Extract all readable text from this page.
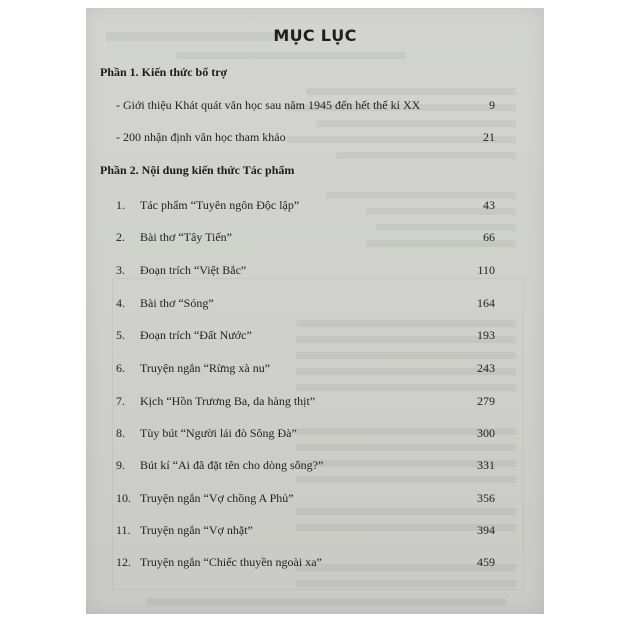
MỤC LỤC
Phần 1. Kiến thức bổ trợ
- Giới thiệu Khát quát văn học sau năm 1945 đến hết thế kỉ XX	9
- 200 nhận định văn học tham khảo	21
Phần 2. Nội dung kiến thức Tác phẩm
1. Tác phẩm “Tuyên ngôn Độc lập”	43
2. Bài thơ “Tây Tiến”	66
3. Đoạn trích “Việt Bắc”	110
4. Bài thơ “Sóng”	164
5. Đoạn trích “Đất Nước”	193
6. Truyện ngắn “Rừng xà nu”	243
7. Kịch “Hồn Trương Ba, da hàng thịt”	279
8. Tùy bút “Người lái đò Sông Đà”	300
9. Bút kí “Ai đã đặt tên cho dòng sông?”	331
10. Truyện ngắn “Vợ chồng A Phủ”	356
11. Truyện ngắn “Vợ nhặt”	394
12. Truyện ngắn “Chiếc thuyền ngoài xa”	459
